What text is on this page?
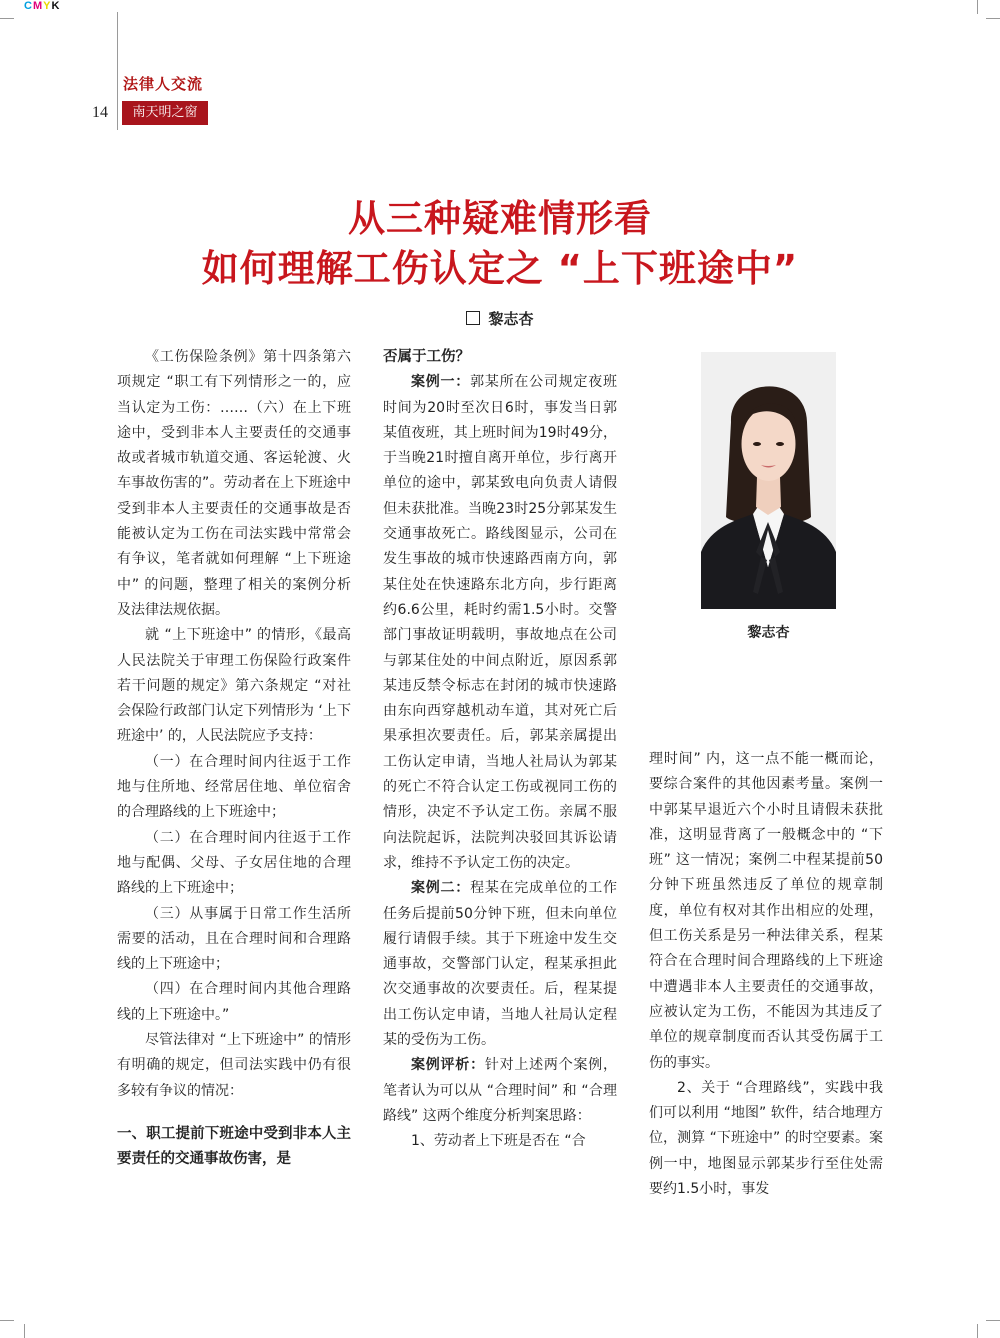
CMYK
法律人交流
14	南天明之窗
从三种疑难情形看
如何理解工伤认定之 “上下班途中”
黎志杏

《工伤保险条例》第十四条第六项规定 “职工有下列情形之一的，应当认定为工伤：……（六）在上下班途中，受到非本人主要责任的交通事故或者城市轨道交通、客运轮渡、火车事故伤害的”。劳动者在上下班途中受到非本人主要责任的交通事故是否能被认定为工伤在司法实践中常常会有争议，笔者就如何理解 “上下班途中” 的问题，整理了相关的案例分析及法律法规依据。

就 “上下班途中” 的情形，《最高人民法院关于审理工伤保险行政案件若干问题的规定》第六条规定 “对社会保险行政部门认定下列情形为 ‘上下班途中’ 的，人民法院应予支持：

（一）在合理时间内往返于工作地与住所地、经常居住地、单位宿舍的合理路线的上下班途中；

（二）在合理时间内往返于工作地与配偶、父母、子女居住地的合理路线的上下班途中；

（三）从事属于日常工作生活所需要的活动，且在合理时间和合理路线的上下班途中；

（四）在合理时间内其他合理路线的上下班途中。”

尽管法律对 “上下班途中” 的情形有明确的规定，但司法实践中仍有很多较有争议的情况：

一、职工提前下班途中受到非本人主要责任的交通事故伤害，是

否属于工伤？

案例一：郭某所在公司规定夜班时间为20时至次日6时，事发当日郭某值夜班，其上班时间为19时49分，于当晚21时擅自离开单位，步行离开单位的途中，郭某致电向负责人请假但未获批准。当晚23时25分郭某发生交通事故死亡。路线图显示，公司在发生事故的城市快速路西南方向，郭某住处在快速路东北方向，步行距离约6.6公里，耗时约需1.5小时。交警部门事故证明载明，事故地点在公司与郭某住处的中间点附近，原因系郭某违反禁令标志在封闭的城市快速路由东向西穿越机动车道，其对死亡后果承担次要责任。后，郭某亲属提出工伤认定申请，当地人社局认为郭某的死亡不符合认定工伤或视同工伤的情形，决定不予认定工伤。亲属不服向法院起诉，法院判决驳回其诉讼请求，维持不予认定工伤的决定。

案例二：程某在完成单位的工作任务后提前50分钟下班，但未向单位履行请假手续。其于下班途中发生交通事故，交警部门认定，程某承担此次交通事故的次要责任。后，程某提出工伤认定申请，当地人社局认定程某的受伤为工伤。

案例评析：针对上述两个案例，笔者认为可以从 “合理时间” 和 “合理路线” 这两个维度分析判案思路：

1、劳动者上下班是否在 “合

黎志杏

理时间” 内，这一点不能一概而论，要综合案件的其他因素考量。案例一中郭某早退近六个小时且请假未获批准，这明显背离了一般概念中的 “下班” 这一情况；案例二中程某提前50分钟下班虽然违反了单位的规章制度，单位有权对其作出相应的处理，但工伤关系是另一种法律关系，程某符合在合理时间合理路线的上下班途中遭遇非本人主要责任的交通事故，应被认定为工伤，不能因为其违反了单位的规章制度而否认其受伤属于工伤的事实。

2、关于 “合理路线”，实践中我们可以利用 “地图” 软件，结合地理方位，测算 “下班途中” 的时空要素。案例一中，地图显示郭某步行至住处需要约1.5小时，事发
